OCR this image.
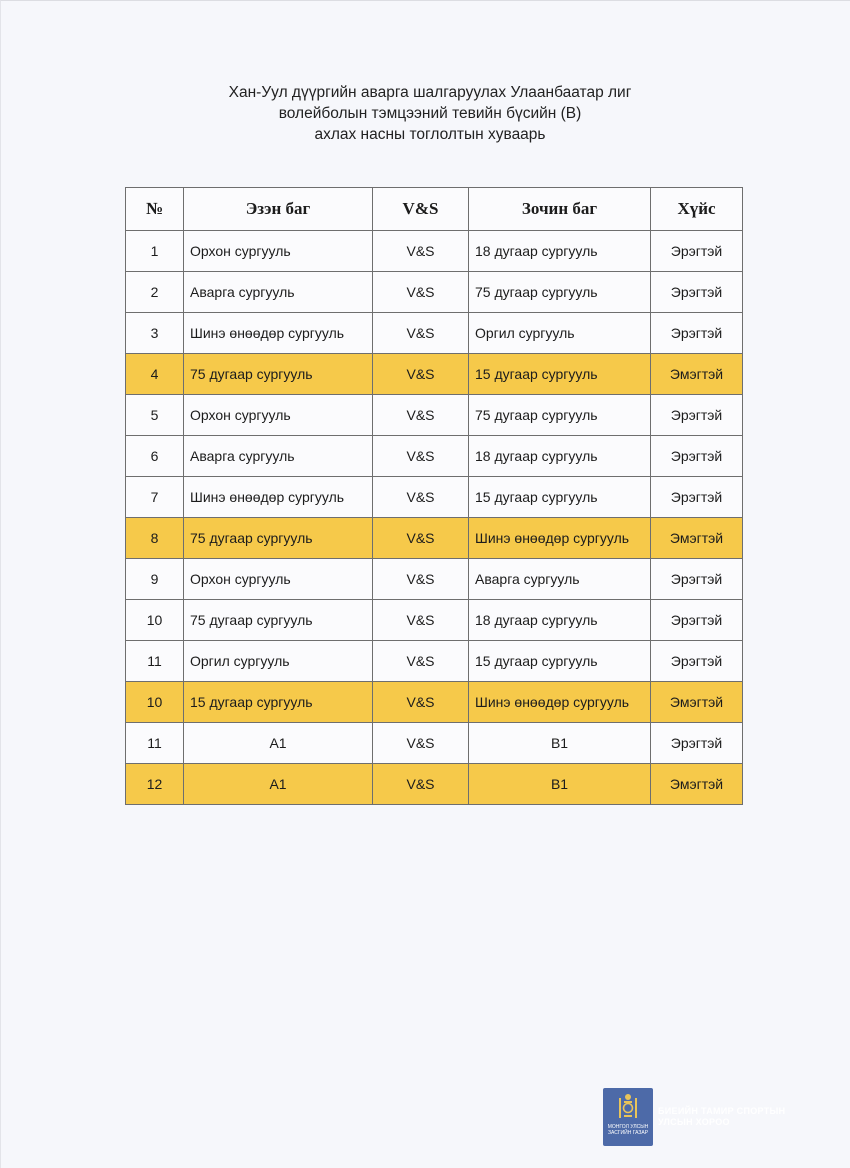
Хан-Уул дүүргийн аварга шалгаруулах Улаанбаатар лиг
волейболын тэмцээний тевийн бүсийн (В)
ахлах насны тоглолтын хуваарь
№	Эзэн баг	V&S	Зочин баг	Хүйс
1	Орхон сургууль	V&S	18 дугаар сургууль	Эрэгтэй
2	Аварга сургууль	V&S	75 дугаар сургууль	Эрэгтэй
3	Шинэ өнөөдөр сургууль	V&S	Оргил сургууль	Эрэгтэй
4	75 дугаар сургууль	V&S	15 дугаар сургууль	Эмэгтэй
5	Орхон сургууль	V&S	75 дугаар сургууль	Эрэгтэй
6	Аварга сургууль	V&S	18 дугаар сургууль	Эрэгтэй
7	Шинэ өнөөдөр сургууль	V&S	15 дугаар сургууль	Эрэгтэй
8	75 дугаар сургууль	V&S	Шинэ өнөөдөр сургууль	Эмэгтэй
9	Орхон сургууль	V&S	Аварга сургууль	Эрэгтэй
10	75 дугаар сургууль	V&S	18 дугаар сургууль	Эрэгтэй
11	Оргил сургууль	V&S	15 дугаар сургууль	Эрэгтэй
10	15 дугаар сургууль	V&S	Шинэ өнөөдөр сургууль	Эмэгтэй
11	А1	V&S	В1	Эрэгтэй
12	А1	V&S	В1	Эмэгтэй
МОНГОЛ УЛСЫН ЗАСГИЙН ГАЗАР
БИЕИЙН ТАМИР СПОРТЫН УЛСЫН ХОРОО
